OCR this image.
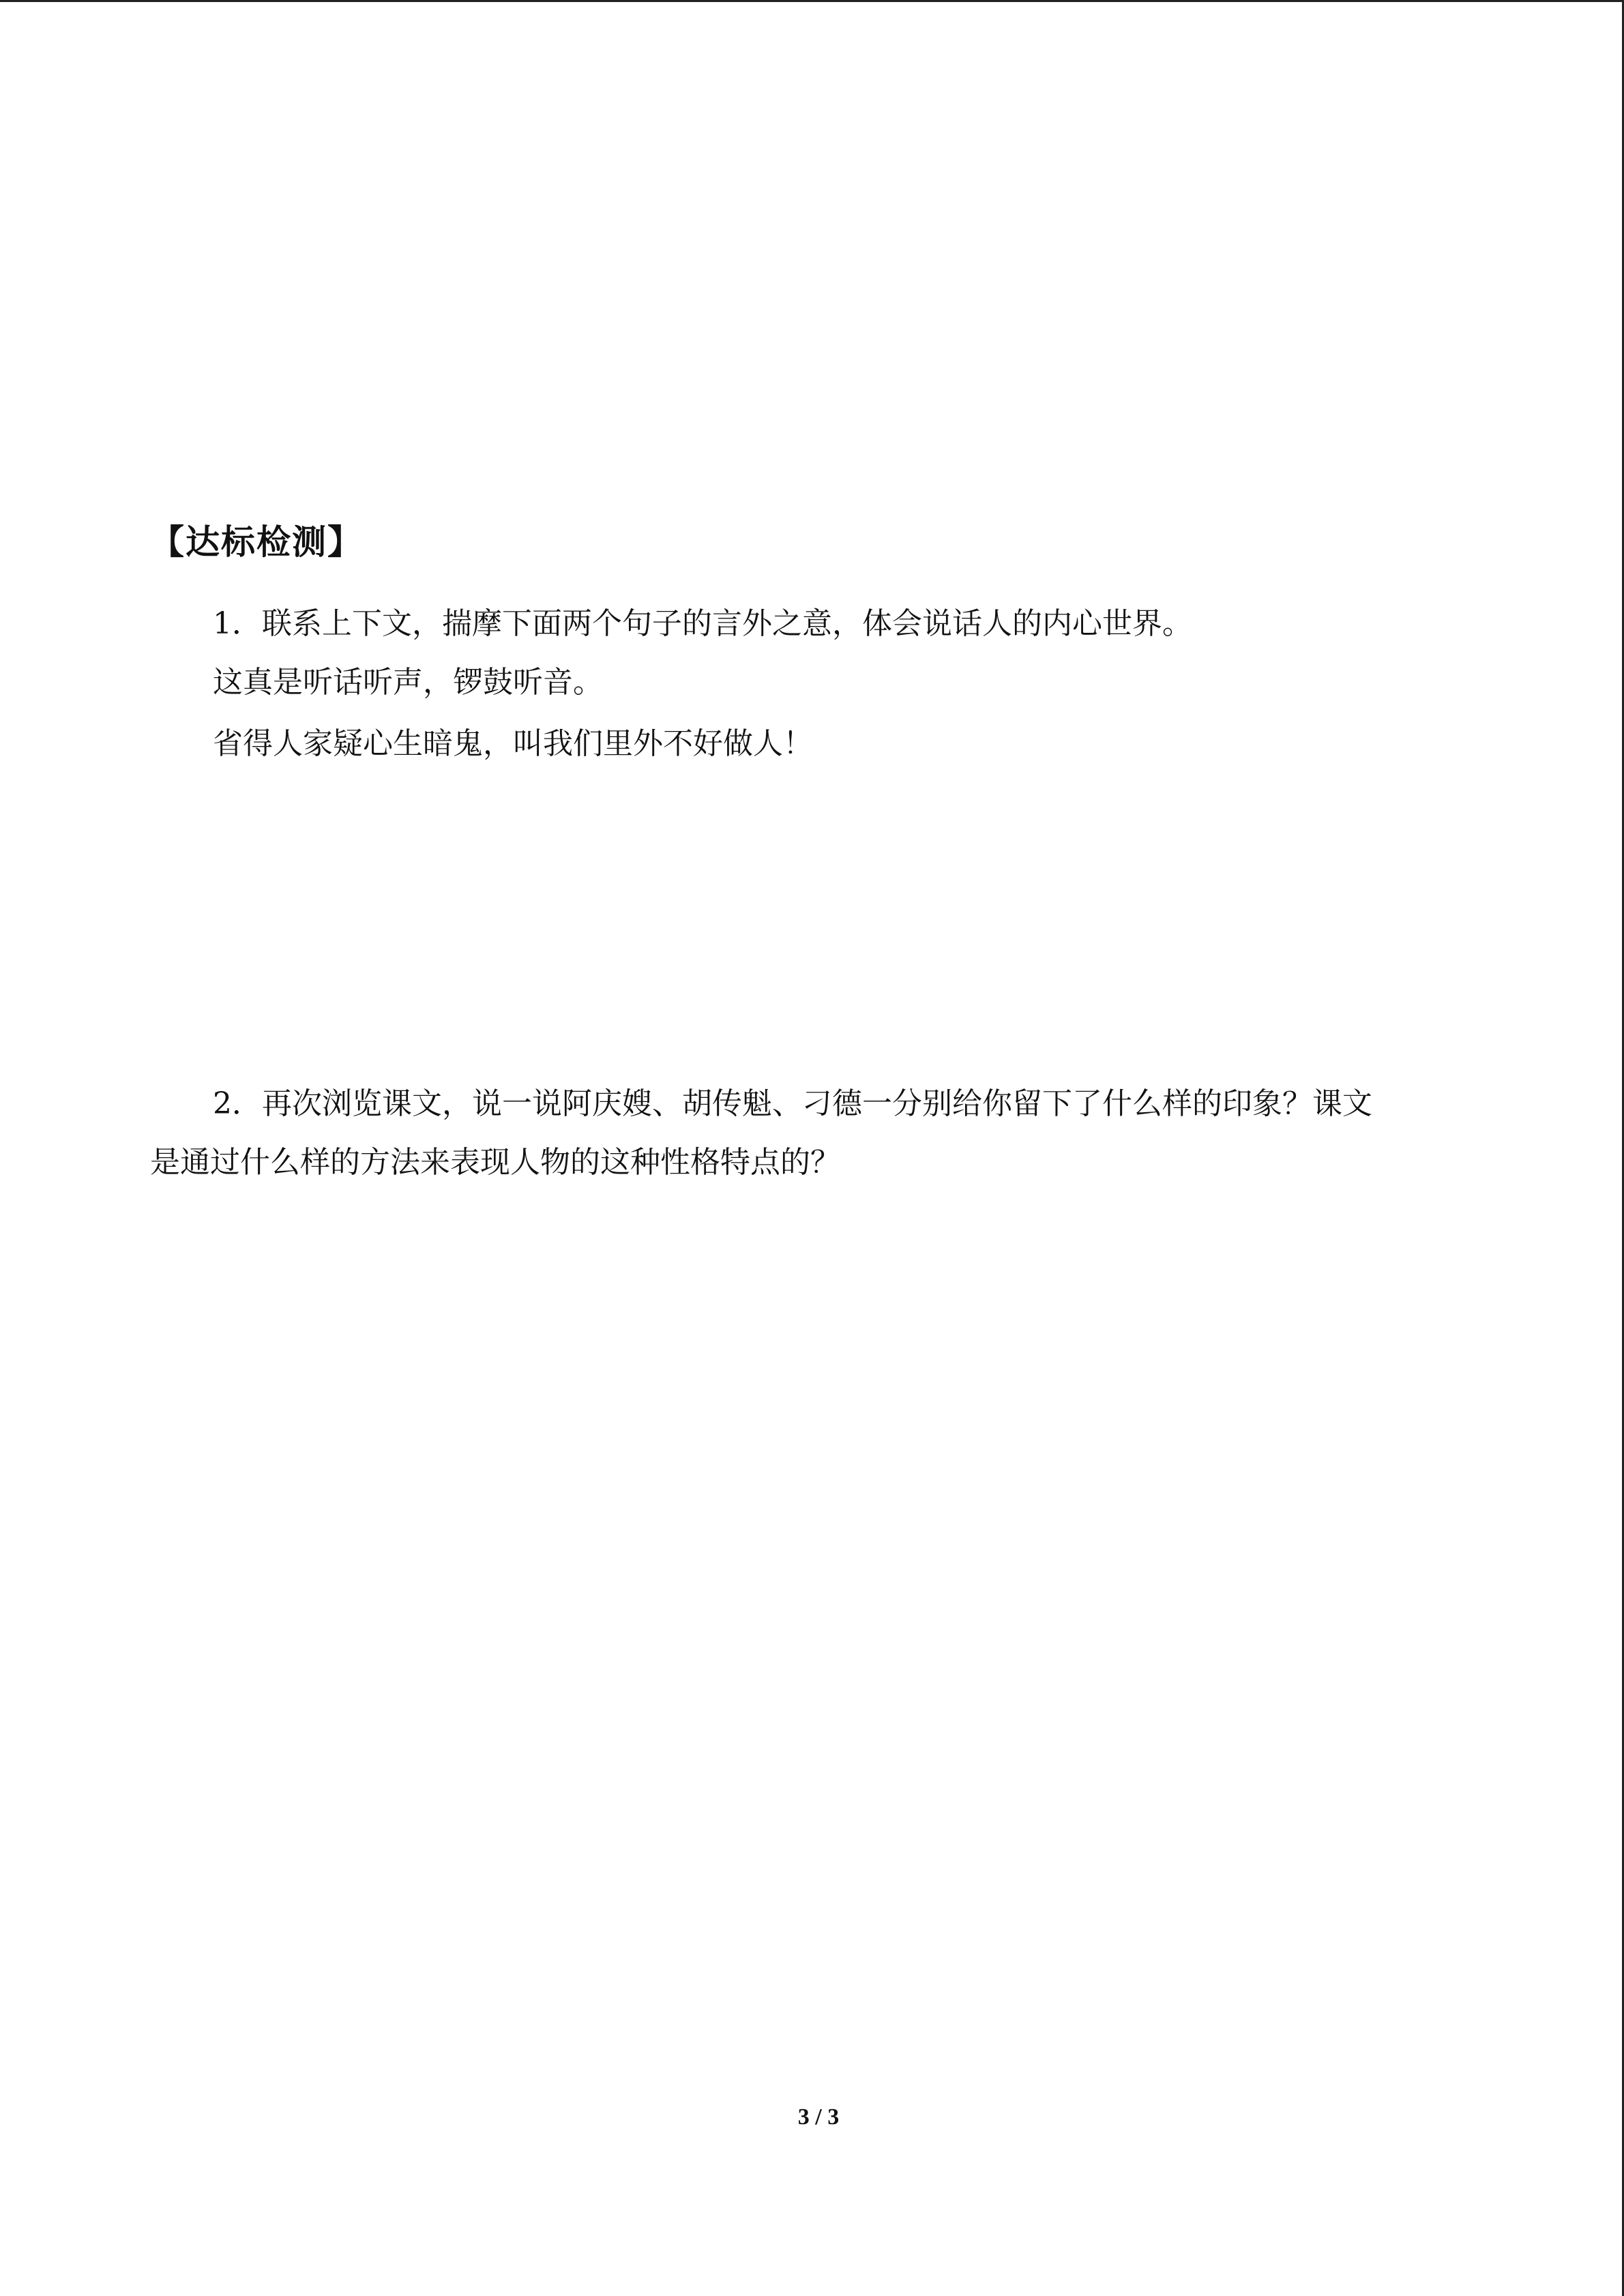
【达标检测】

1．联系上下文，揣摩下面两个句子的言外之意，体会说话人的内心世界。

这真是听话听声，锣鼓听音。

省得人家疑心生暗鬼，叫我们里外不好做人！

2．再次浏览课文，说一说阿庆嫂、胡传魁、刁德一分别给你留下了什么样的印象？课文

是通过什么样的方法来表现人物的这种性格特点的？

3 / 3
